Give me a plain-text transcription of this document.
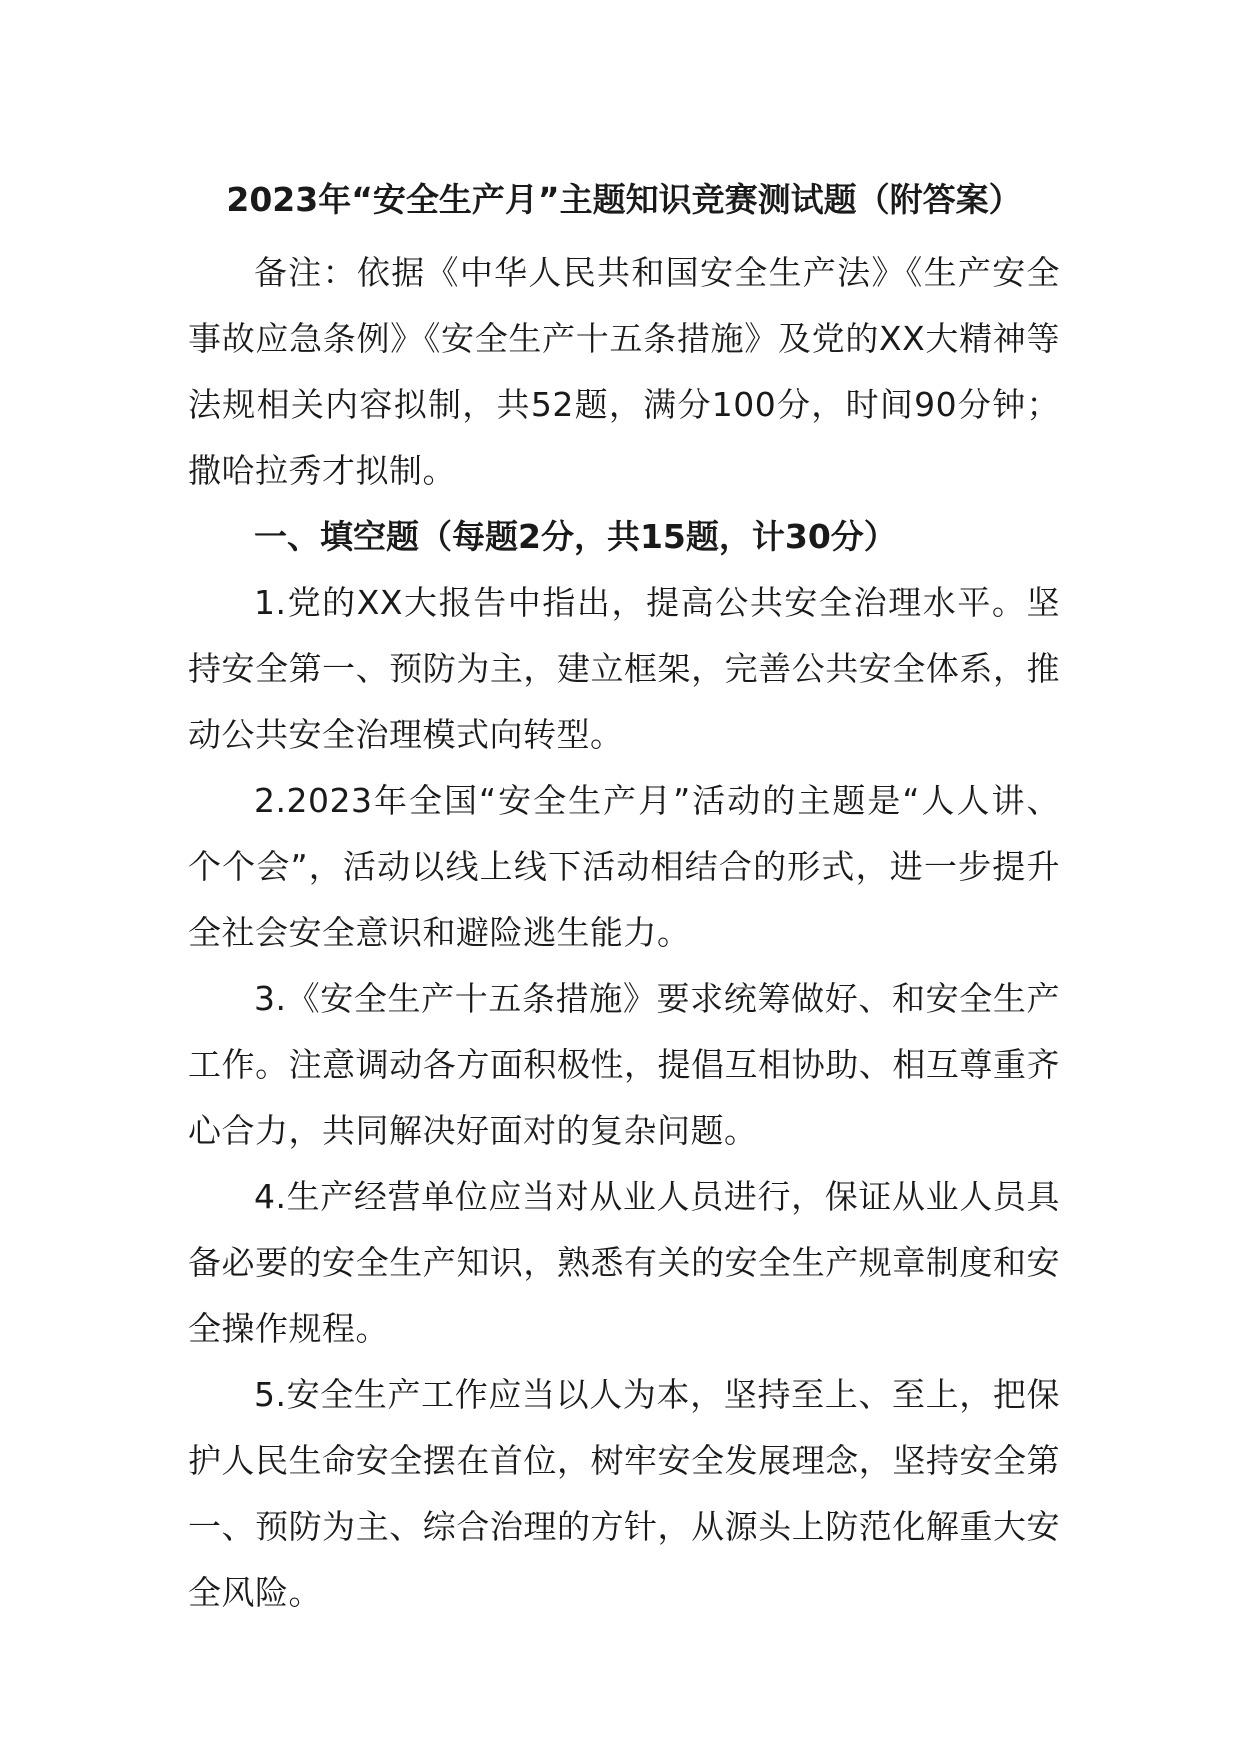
2023年“安全生产月”主题知识竞赛测试题（附答案）

备注：依据《中华人民共和国安全生产法》《生产安全事故应急条例》《安全生产十五条措施》及党的XX大精神等法规相关内容拟制，共52题，满分100分，时间90分钟；撒哈拉秀才拟制。

一、填空题（每题2分，共15题，计30分）

1.党的XX大报告中指出，提高公共安全治理水平。坚持安全第一、预防为主，建立框架，完善公共安全体系，推动公共安全治理模式向转型。

2.2023年全国“安全生产月”活动的主题是“人人讲、个个会”，活动以线上线下活动相结合的形式，进一步提升全社会安全意识和避险逃生能力。

3.《安全生产十五条措施》要求统筹做好、和安全生产工作。注意调动各方面积极性，提倡互相协助、相互尊重齐心合力，共同解决好面对的复杂问题。

4.生产经营单位应当对从业人员进行，保证从业人员具备必要的安全生产知识，熟悉有关的安全生产规章制度和安全操作规程。

5.安全生产工作应当以人为本，坚持至上、至上，把保护人民生命安全摆在首位，树牢安全发展理念，坚持安全第一、预防为主、综合治理的方针，从源头上防范化解重大安全风险。
